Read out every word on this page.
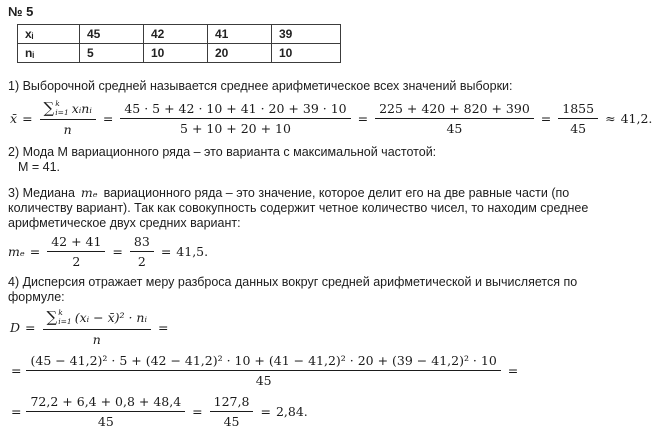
№ 5
xᵢ	45	42	41	39
nᵢ	5	10	20	10
1) Выборочной средней называется среднее арифметическое всех значений выборки:
x̄ =
∑ k
i=1 xᵢnᵢ
n
= $\frac{45 \cdot 5 + 42 \cdot 10 + 41 \cdot 20 + 39 \cdot 10}{5 + 10 + 20 + 10} = \frac{225 + 420 + 820 + 390}{45} = \frac{1855}{45} \approx 41,2$.
2) Мода М вариационного ряда – это варианта с максимальной частотой:
М = 41.
3) Медиана mₑ вариационного ряда – это значение, которое делит его на две равные части (по
количеству вариант). Так как совокупность содержит четное количество чисел, то находим среднее
арифметическое двух средних вариант:
$m_e = \frac{42 + 41}{2} = \frac{83}{2} = 41,5$.
4) Дисперсия отражает меру разброса данных вокруг средней арифметической и вычисляется по
формуле:
D =
∑ k
i=1 (xᵢ − x̄)² · nᵢ
n
=
=
(45 − 41,2)² · 5 + (42 − 41,2)² · 10 + (41 − 41,2)² · 20 + (39 − 41,2)² · 10
45
=
= $\frac{72,2 + 6,4 + 0,8 + 48,4}{45} = \frac{127,8}{45} = 2,84$.
